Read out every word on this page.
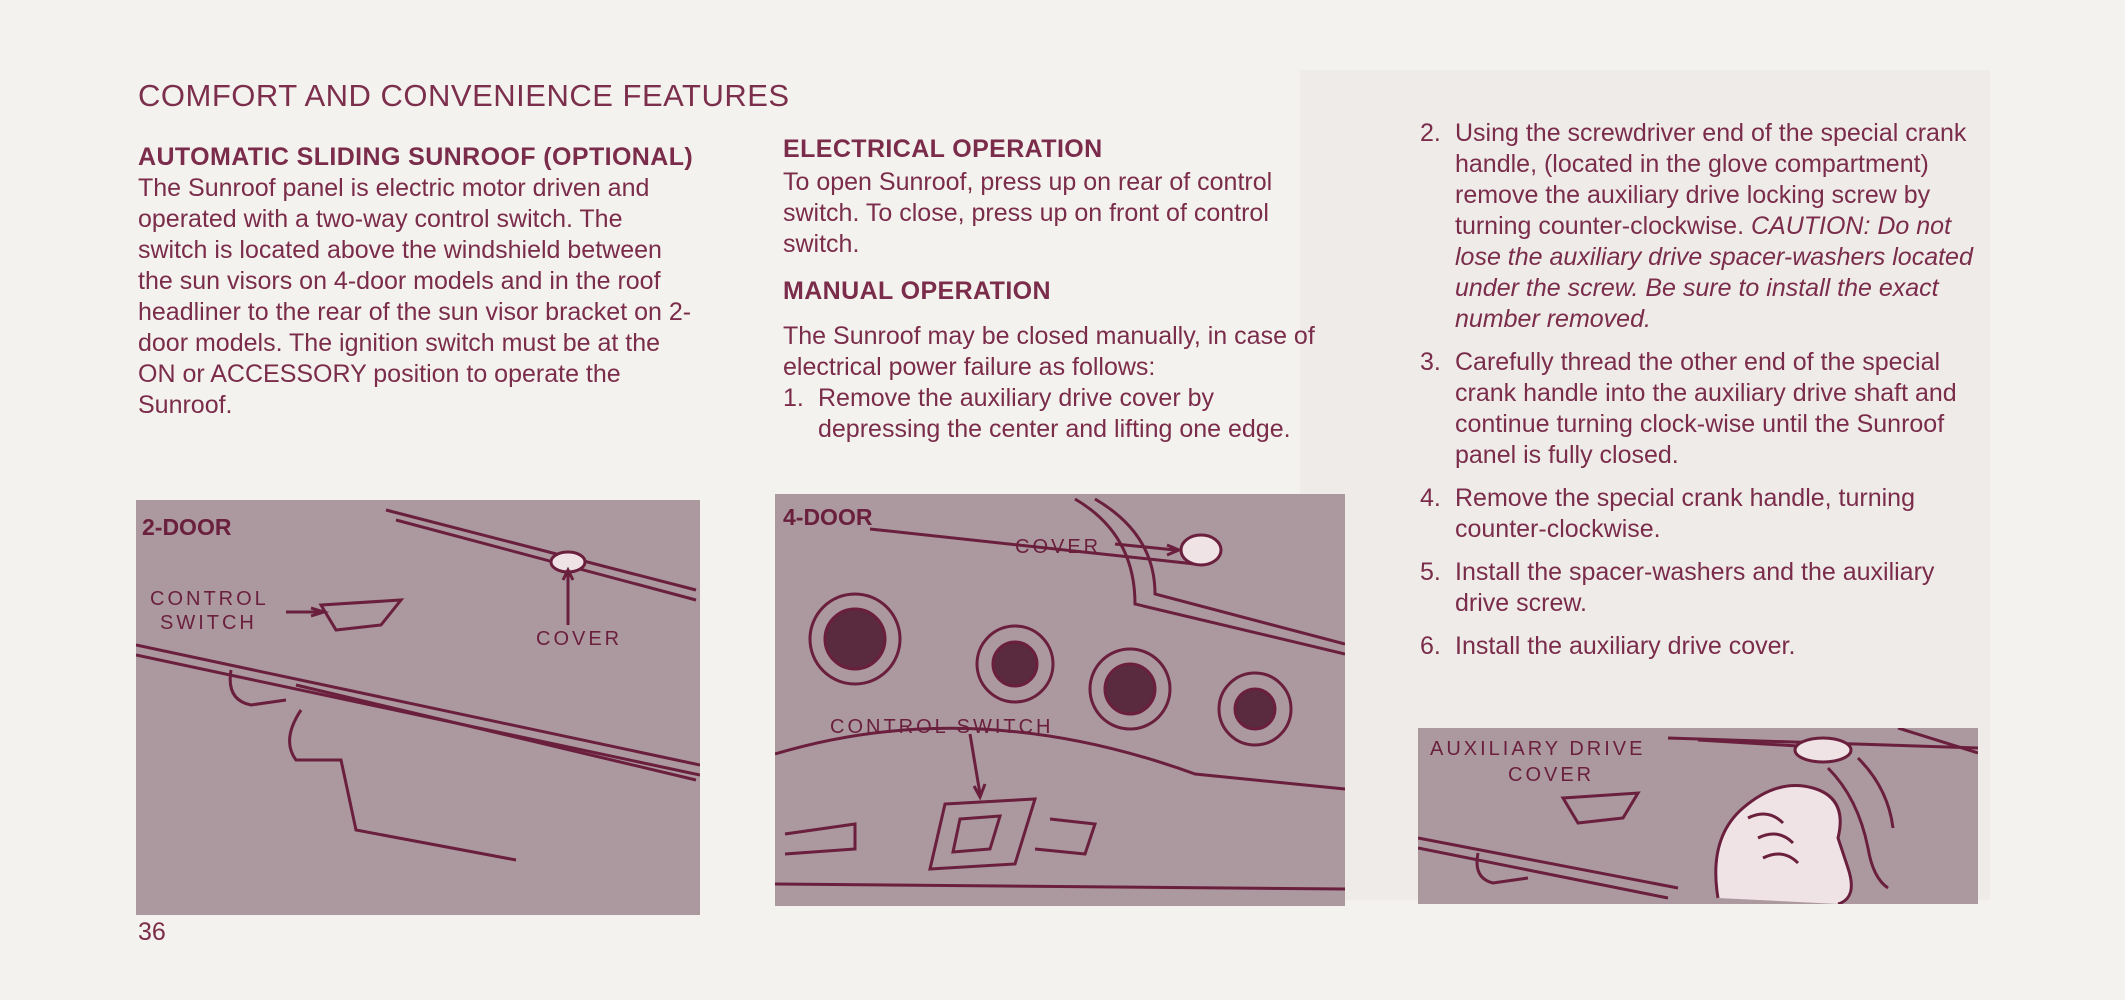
COMFORT AND CONVENIENCE FEATURES

AUTOMATIC SLIDING SUNROOF (OPTIONAL)

The Sunroof panel is electric motor driven and operated with a two-way control switch. The switch is located above the windshield between the sun visors on 4-door models and in the roof headliner to the rear of the sun visor bracket on 2-door models. The ignition switch must be at the ON or ACCESSORY position to operate the Sunroof.

ELECTRICAL OPERATION

To open Sunroof, press up on rear of control switch. To close, press up on front of control switch.

MANUAL OPERATION

The Sunroof may be closed manually, in case of electrical power failure as follows:

1. Remove the auxiliary drive cover by depressing the center and lifting one edge.
2. Using the screwdriver end of the special crank handle, (located in the glove compartment) remove the auxiliary drive locking screw by turning counter-clockwise. CAUTION: Do not lose the auxiliary drive spacer-washers located under the screw. Be sure to install the exact number removed.
3. Carefully thread the other end of the special crank handle into the auxiliary drive shaft and continue turning clock-wise until the Sunroof panel is fully closed.
4. Remove the special crank handle, turning counter-clockwise.
5. Install the spacer-washers and the auxiliary drive screw.
6. Install the auxiliary drive cover.
2-DOOR
CONTROL
SWITCH
COVER
4-DOOR
COVER
CONTROL SWITCH
AUXILIARY DRIVE
COVER
36
